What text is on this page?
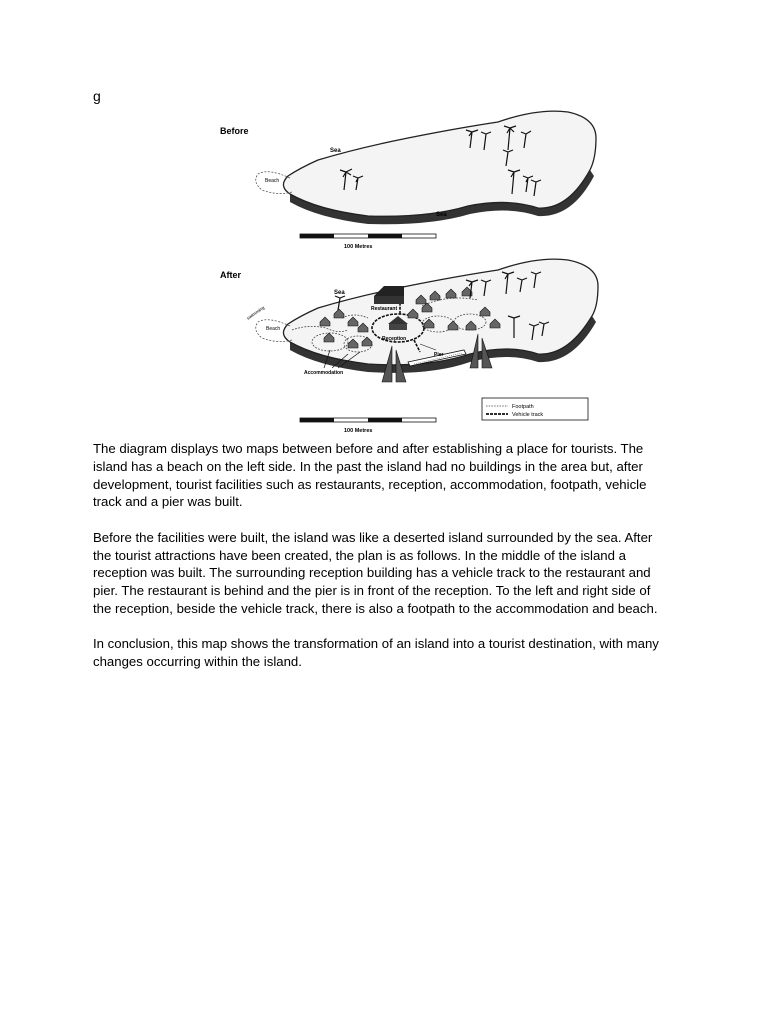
g
Before
Beach
Sea
Sea
100 Metres
After
Beach
swimming
Sea
Restaurant
Reception
Accommodation
Pier
100 Metres
Footpath
Vehicle track

The diagram displays two maps between before and after establishing a place for tourists. The island has a beach on the left side. In the past the island had no buildings in the area but, after development, tourist facilities such as restaurants, reception, accommodation, footpath, vehicle track and a pier was built.

Before the facilities were built, the island was like a deserted island surrounded by the sea. After the tourist attractions have been created, the plan is as follows. In the middle of the island a reception was built. The surrounding reception building has a vehicle track to the restaurant and pier. The restaurant is behind and the pier is in front of the reception. To the left and right side of the reception, beside the vehicle track, there is also a footpath to the accommodation and beach.

In conclusion, this map shows the transformation of an island into a tourist destination, with many changes occurring within the island.
